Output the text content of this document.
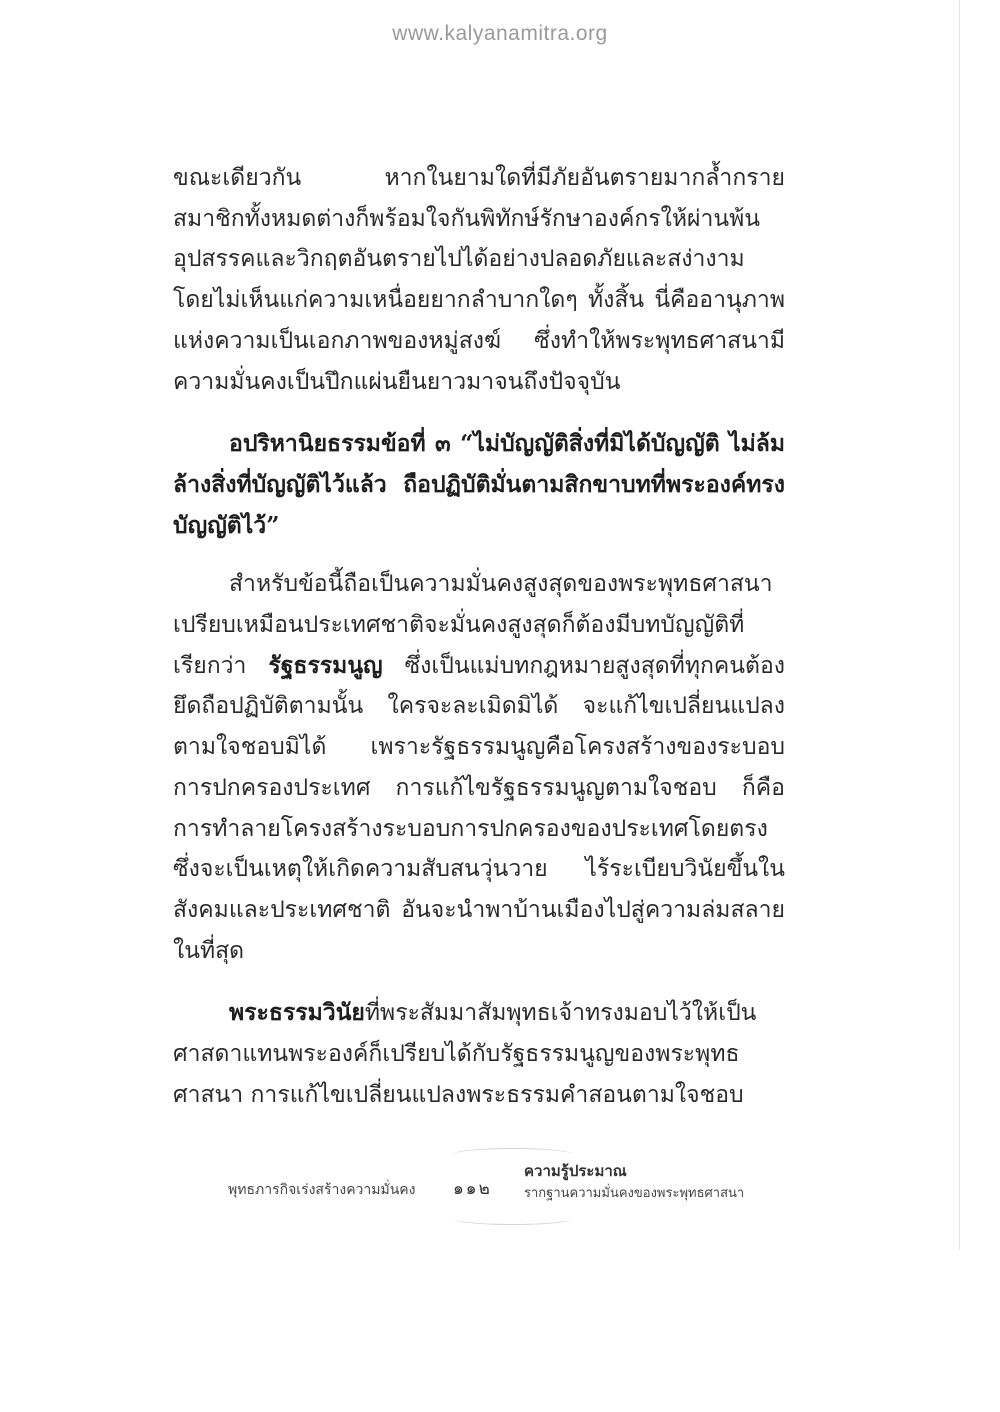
www.kalyanamitra.org

ขณะเดียวกัน หากในยามใดที่มีภัยอันตรายมากล้ำกราย สมาชิกทั้งหมดต่างก็พร้อมใจกันพิทักษ์รักษาองค์กรให้ผ่านพ้นอุปสรรคและวิกฤตอันตรายไปได้อย่างปลอดภัยและสง่างาม โดยไม่เห็นแก่ความเหนื่อยยากลำบากใดๆ ทั้งสิ้น นี่คืออานุภาพแห่งความเป็นเอกภาพของหมู่สงฆ์ ซึ่งทำให้พระพุทธศาสนามีความมั่นคงเป็นปึกแผ่นยืนยาวมาจนถึงปัจจุบัน

อปริหานิยธรรมข้อที่ ๓ “ไม่บัญญัติสิ่งที่มิได้บัญญัติ ไม่ล้มล้างสิ่งที่บัญญัติไว้แล้ว ถือปฏิบัติมั่นตามสิกขาบทที่พระองค์ทรงบัญญัติไว้”

สำหรับข้อนี้ถือเป็นความมั่นคงสูงสุดของพระพุทธศาสนา เปรียบเหมือนประเทศชาติจะมั่นคงสูงสุดก็ต้องมีบทบัญญัติที่เรียกว่า รัฐธรรมนูญ ซึ่งเป็นแม่บทกฎหมายสูงสุดที่ทุกคนต้องยึดถือปฏิบัติตามนั้น ใครจะละเมิดมิได้ จะแก้ไขเปลี่ยนแปลงตามใจชอบมิได้ เพราะรัฐธรรมนูญคือโครงสร้างของระบอบการปกครองประเทศ การแก้ไขรัฐธรรมนูญตามใจชอบ ก็คือการทำลายโครงสร้างระบอบการปกครองของประเทศโดยตรง ซึ่งจะเป็นเหตุให้เกิดความสับสนวุ่นวาย ไร้ระเบียบวินัยขึ้นในสังคมและประเทศชาติ อันจะนำพาบ้านเมืองไปสู่ความล่มสลายในที่สุด

พระธรรมวินัยที่พระสัมมาสัมพุทธเจ้าทรงมอบไว้ให้เป็นศาสดาแทนพระองค์ก็เปรียบได้กับรัฐธรรมนูญของพระพุทธศาสนา การแก้ไขเปลี่ยนแปลงพระธรรมคำสอนตามใจชอบ

พุทธภารกิจเร่งสร้างความมั่นคง ๑๑๒
ความรู้ประมาณ
รากฐานความมั่นคงของพระพุทธศาสนา
